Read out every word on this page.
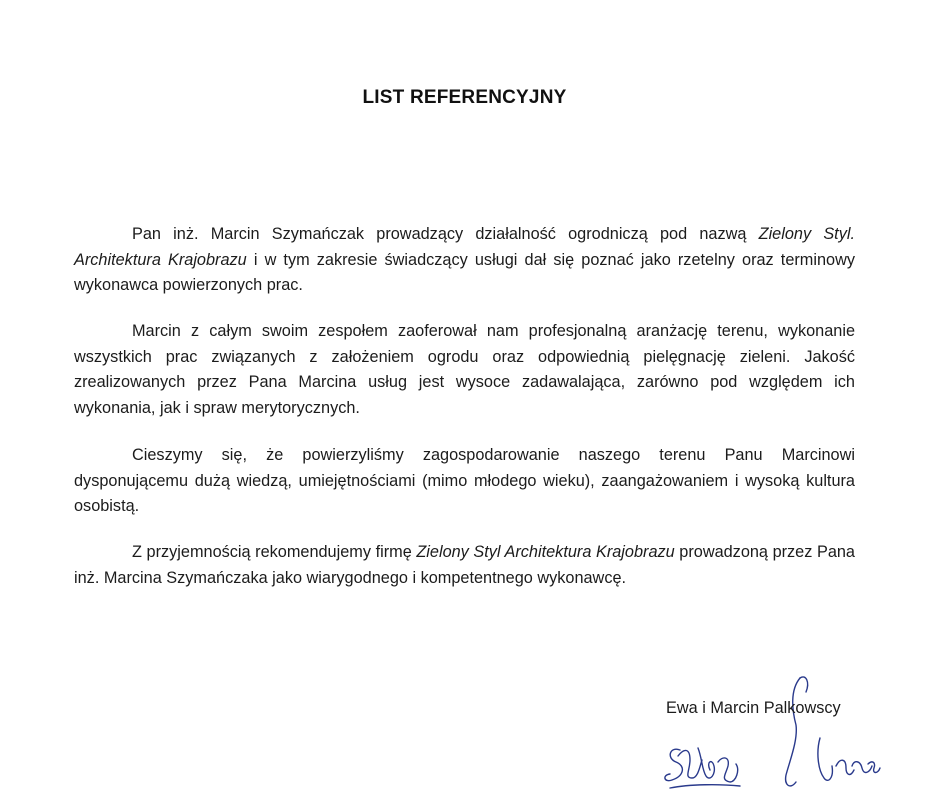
LIST REFERENCYJNY

Pan inż. Marcin Szymańczak prowadzący działalność ogrodniczą pod nazwą Zielony Styl. Architektura Krajobrazu i w tym zakresie świadczący usługi dał się poznać jako rzetelny oraz terminowy wykonawca powierzonych prac.

Marcin z całym swoim zespołem zaoferował nam profesjonalną aranżację terenu, wykonanie wszystkich prac związanych z założeniem ogrodu oraz odpowiednią pielęgnację zieleni. Jakość zrealizowanych przez Pana Marcina usług jest wysoce zadawalająca, zarówno pod względem ich wykonania, jak i spraw merytorycznych.

Cieszymy się, że powierzyliśmy zagospodarowanie naszego terenu Panu Marcinowi dysponującemu dużą wiedzą, umiejętnościami (mimo młodego wieku), zaangażowaniem i wysoką kultura osobistą.

Z przyjemnością rekomendujemy firmę Zielony Styl Architektura Krajobrazu prowadzoną przez Pana inż. Marcina Szymańczaka jako wiarygodnego i kompetentnego wykonawcę.

Ewa i Marcin Palkowscy
